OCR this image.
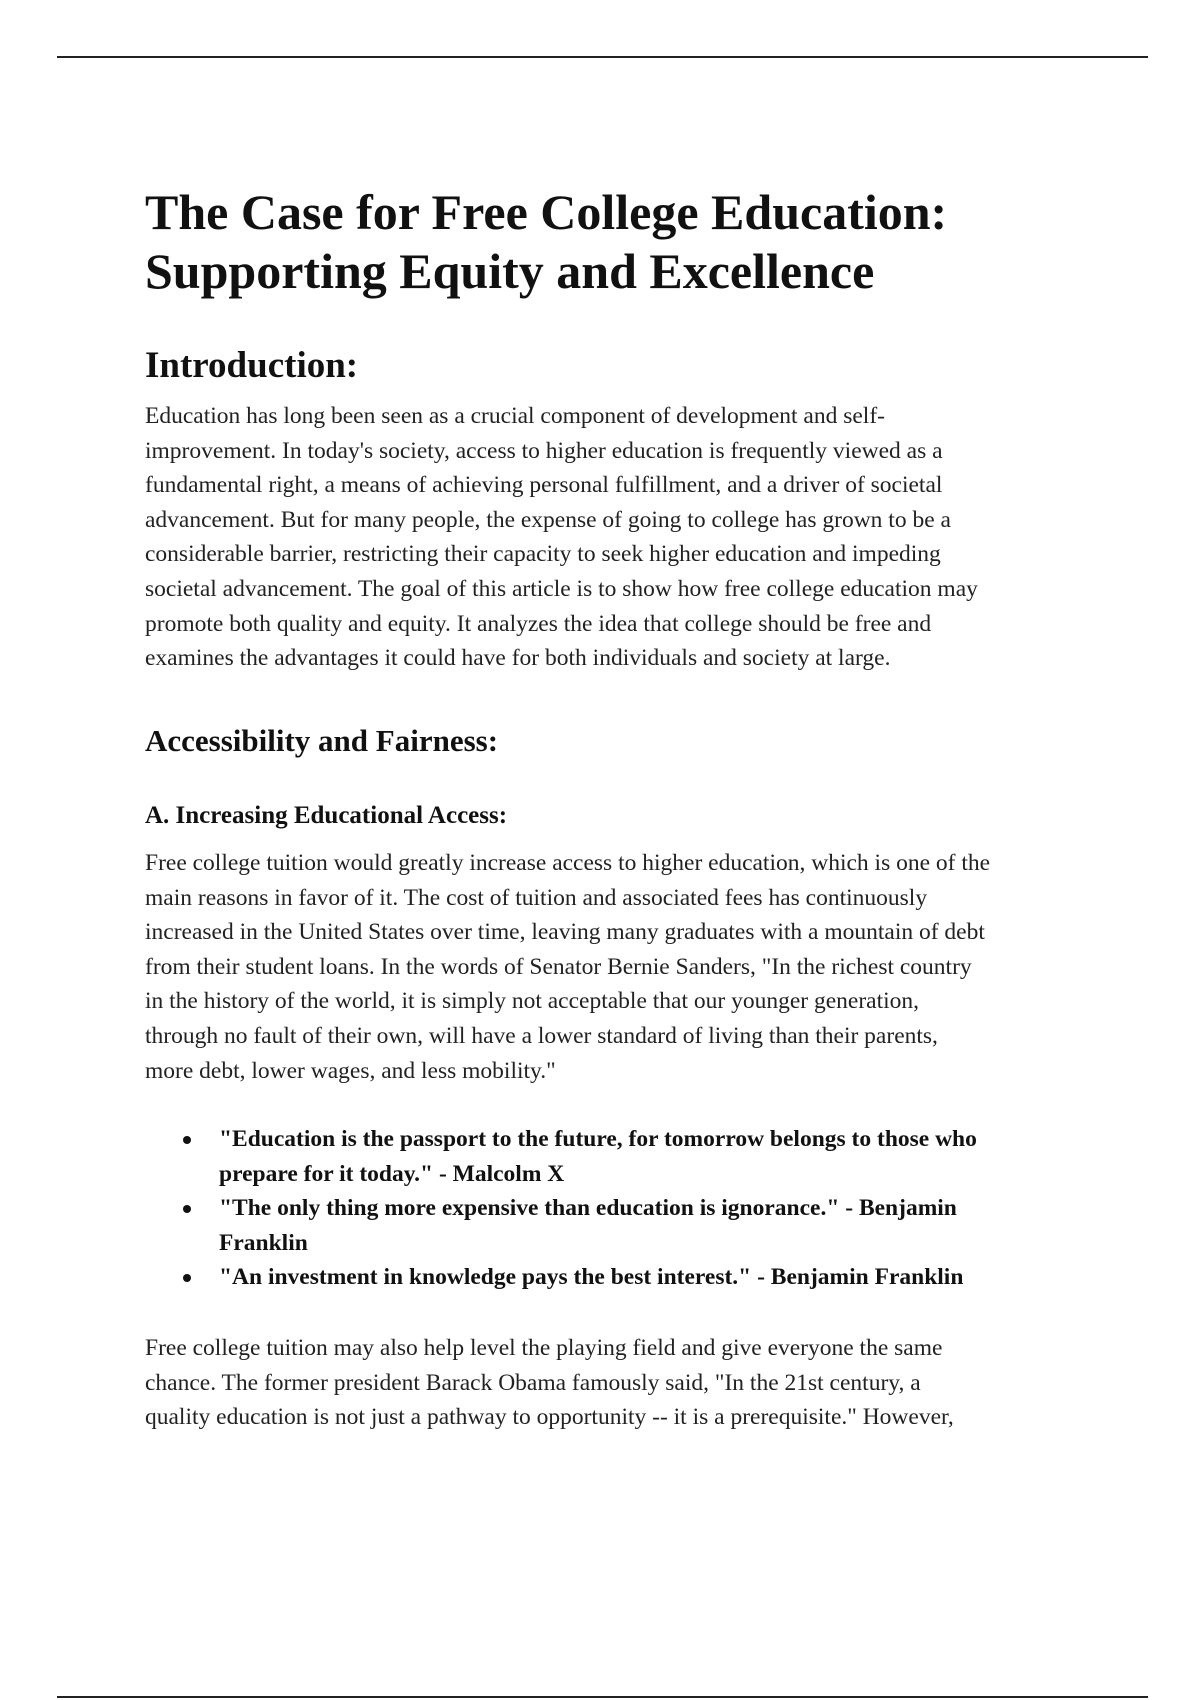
The Case for Free College Education:
Supporting Equity and Excellence
Introduction:
Education has long been seen as a crucial component of development and self-
improvement. In today's society, access to higher education is frequently viewed as a
fundamental right, a means of achieving personal fulfillment, and a driver of societal
advancement. But for many people, the expense of going to college has grown to be a
considerable barrier, restricting their capacity to seek higher education and impeding
societal advancement. The goal of this article is to show how free college education may
promote both quality and equity. It analyzes the idea that college should be free and
examines the advantages it could have for both individuals and society at large.
Accessibility and Fairness:
A. Increasing Educational Access:
Free college tuition would greatly increase access to higher education, which is one of the
main reasons in favor of it. The cost of tuition and associated fees has continuously
increased in the United States over time, leaving many graduates with a mountain of debt
from their student loans. In the words of Senator Bernie Sanders, "In the richest country
in the history of the world, it is simply not acceptable that our younger generation,
through no fault of their own, will have a lower standard of living than their parents,
more debt, lower wages, and less mobility."
"Education is the passport to the future, for tomorrow belongs to those who
prepare for it today." - Malcolm X
"The only thing more expensive than education is ignorance." - Benjamin
Franklin
"An investment in knowledge pays the best interest." - Benjamin Franklin
Free college tuition may also help level the playing field and give everyone the same
chance. The former president Barack Obama famously said, "In the 21st century, a
quality education is not just a pathway to opportunity -- it is a prerequisite." However,
